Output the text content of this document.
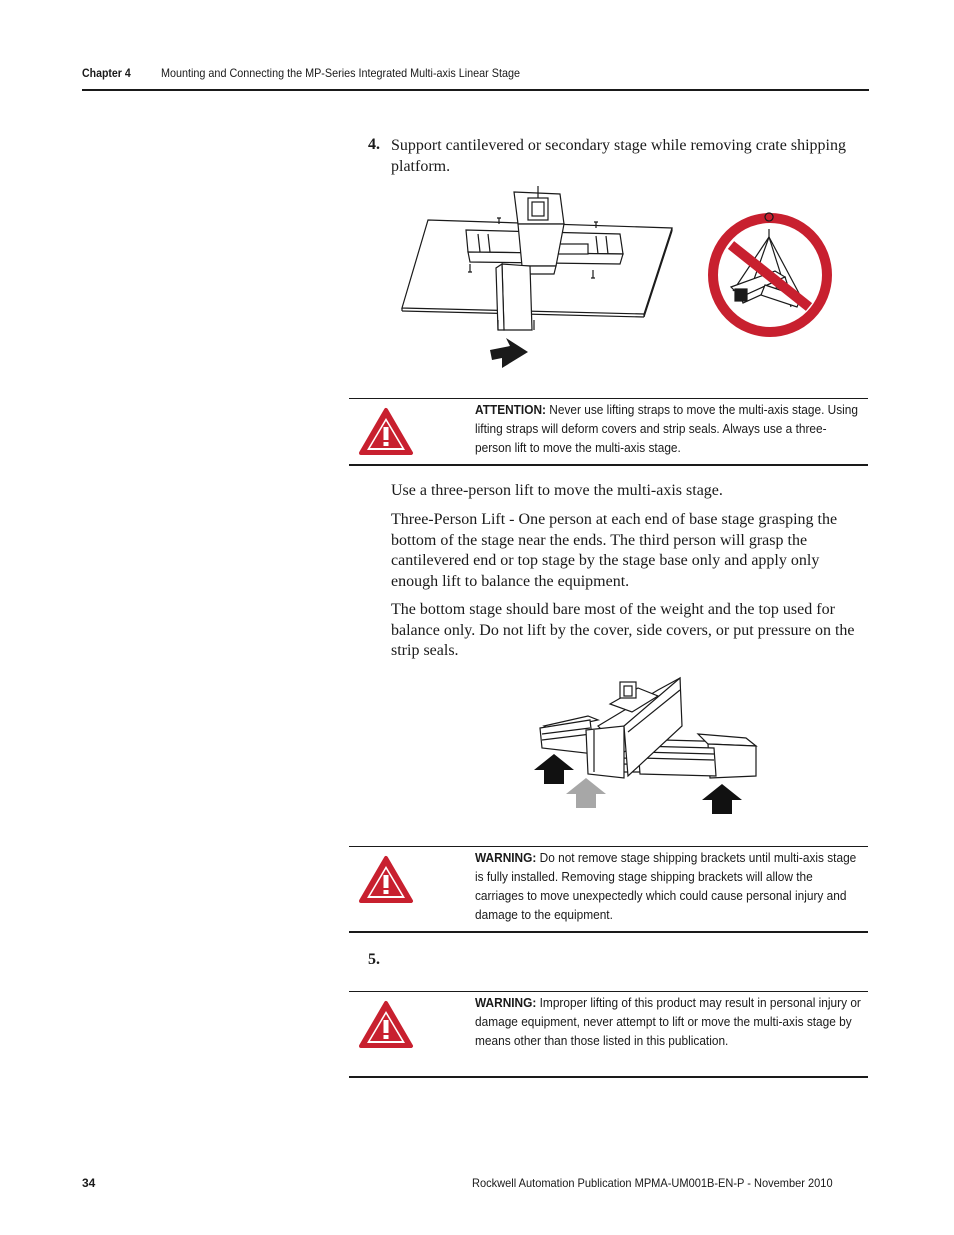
Chapter 4	Mounting and Connecting the MP-Series Integrated Multi-axis Linear Stage
4. Support cantilevered or secondary stage while removing crate shipping platform.
ATTENTION: Never use lifting straps to move the multi-axis stage. Using lifting straps will deform covers and strip seals. Always use a three-person lift to move the multi-axis stage.
Use a three-person lift to move the multi-axis stage.
Three-Person Lift - One person at each end of base stage grasping the bottom of the stage near the ends. The third person will grasp the cantilevered end or top stage by the stage base only and apply only enough lift to balance the equipment.
The bottom stage should bare most of the weight and the top used for balance only. Do not lift by the cover, side covers, or put pressure on the strip seals.
WARNING: Do not remove stage shipping brackets until multi-axis stage is fully installed. Removing stage shipping brackets will allow the carriages to move unexpectedly which could cause personal injury and damage to the equipment.
5.
WARNING: Improper lifting of this product may result in personal injury or damage equipment, never attempt to lift or move the multi-axis stage by means other than those listed in this publication.
34	Rockwell Automation Publication MPMA-UM001B-EN-P - November 2010
